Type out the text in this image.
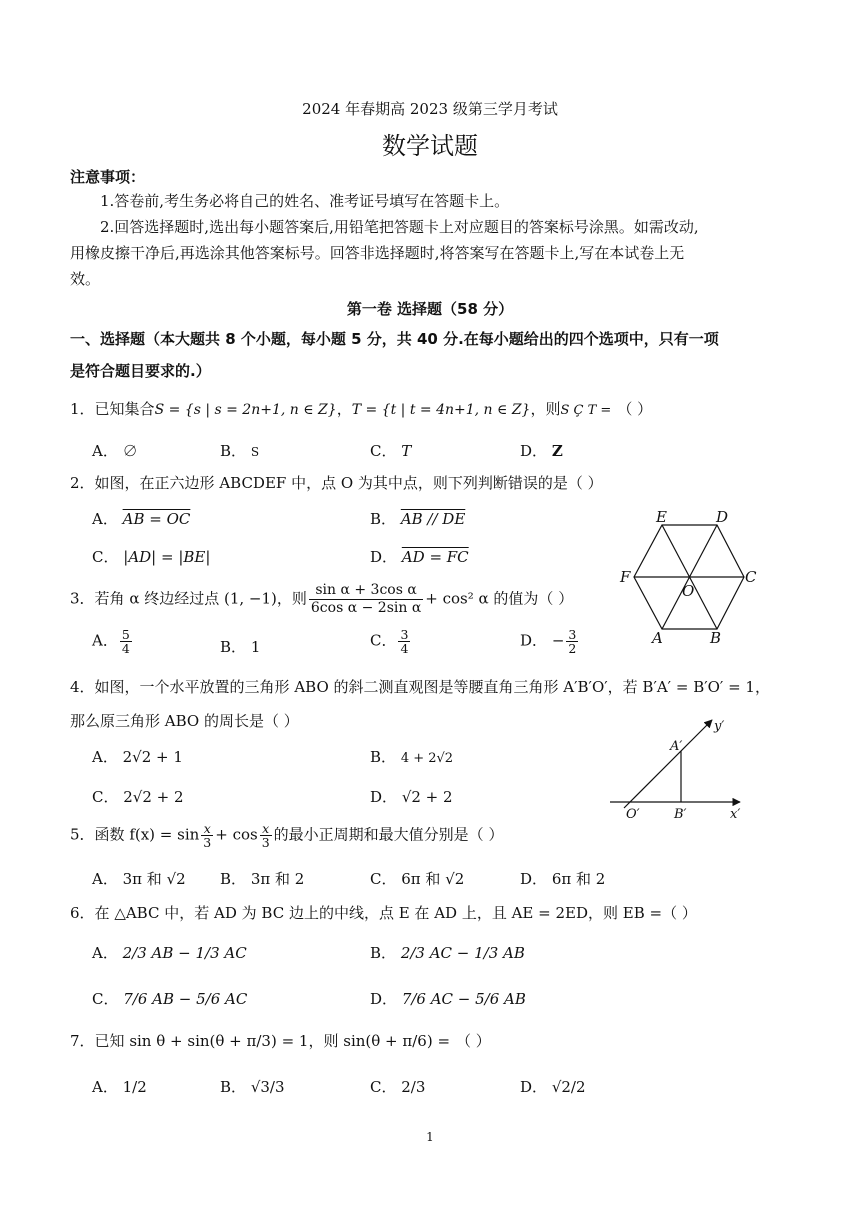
2024 年春期高 2023 级第三学月考试
数学试题
注意事项：
1.答卷前,考生务必将自己的姓名、准考证号填写在答题卡上。
2.回答选择题时,选出每小题答案后,用铅笔把答题卡上对应题目的答案标号涂黑。如需改动,
用橡皮擦干净后,再选涂其他答案标号。回答非选择题时,将答案写在答题卡上,写在本试卷上无
效。
第一卷 选择题（58 分）
一、选择题（本大题共 8 个小题，每小题 5 分，共 40 分.在每小题给出的四个选项中，只有一项
是符合题目要求的.）
1．已知集合S = {s | s = 2n+1, n ∈ Z}，T = {t | t = 4n+1, n ∈ Z}，则S Ç T = （ ）
A． ∅	B． S	C． T	D． Z
2．如图，在正六边形 ABCDEF 中，点 O 为其中点，则下列判断错误的是（ ）
A． AB = OC	B． AB // DE
C． |AD| = |BE|	D． AD = FC
E	D
F	C
O
A	B
3．若角 α 终边经过点 (1, −1)，则 $\frac{\text{sin α + 3cos α}}{\text{6cos α − 2sin α}} + \cos^2$ α 的值为（ ）
A． $\frac{5}{4}$	B． 1	C． $\frac{3}{4}$	D． − $\frac{3}{2}$
4．如图，一个水平放置的三角形 ABO 的斜二测直观图是等腰直角三角形 A′B′O′，若 B′A′ = B′O′ = 1，
那么原三角形 ABO 的周长是（ ）
A． 2√2 + 1	B． 4 + 2√2
C． 2√2 + 2	D． √2 + 2
y′
A′
O′	B′	x′
5．函数 $f(x) = \sin \frac{x}{3} + \cos \frac{x}{3}$ 的最小正周期和最大值分别是（ ）
A． 3π 和 √2 B． 3π 和 2	C． 6π 和 √2	D． 6π 和 2
6．在 △ABC 中，若 AD 为 BC 边上的中线，点 E 在 AD 上，且 AE = 2ED，则 EB =（ ）
A． 2/3 AB − 1/3 AC	B． 2/3 AC − 1/3 AB
C． 7/6 AB − 5/6 AC	D． 7/6 AC − 5/6 AB
7．已知 sin θ + sin(θ + π/3) = 1，则 sin(θ + π/6) = （ ）
A． 1/2	B． √3/3	C． 2/3	D． √2/2
1
